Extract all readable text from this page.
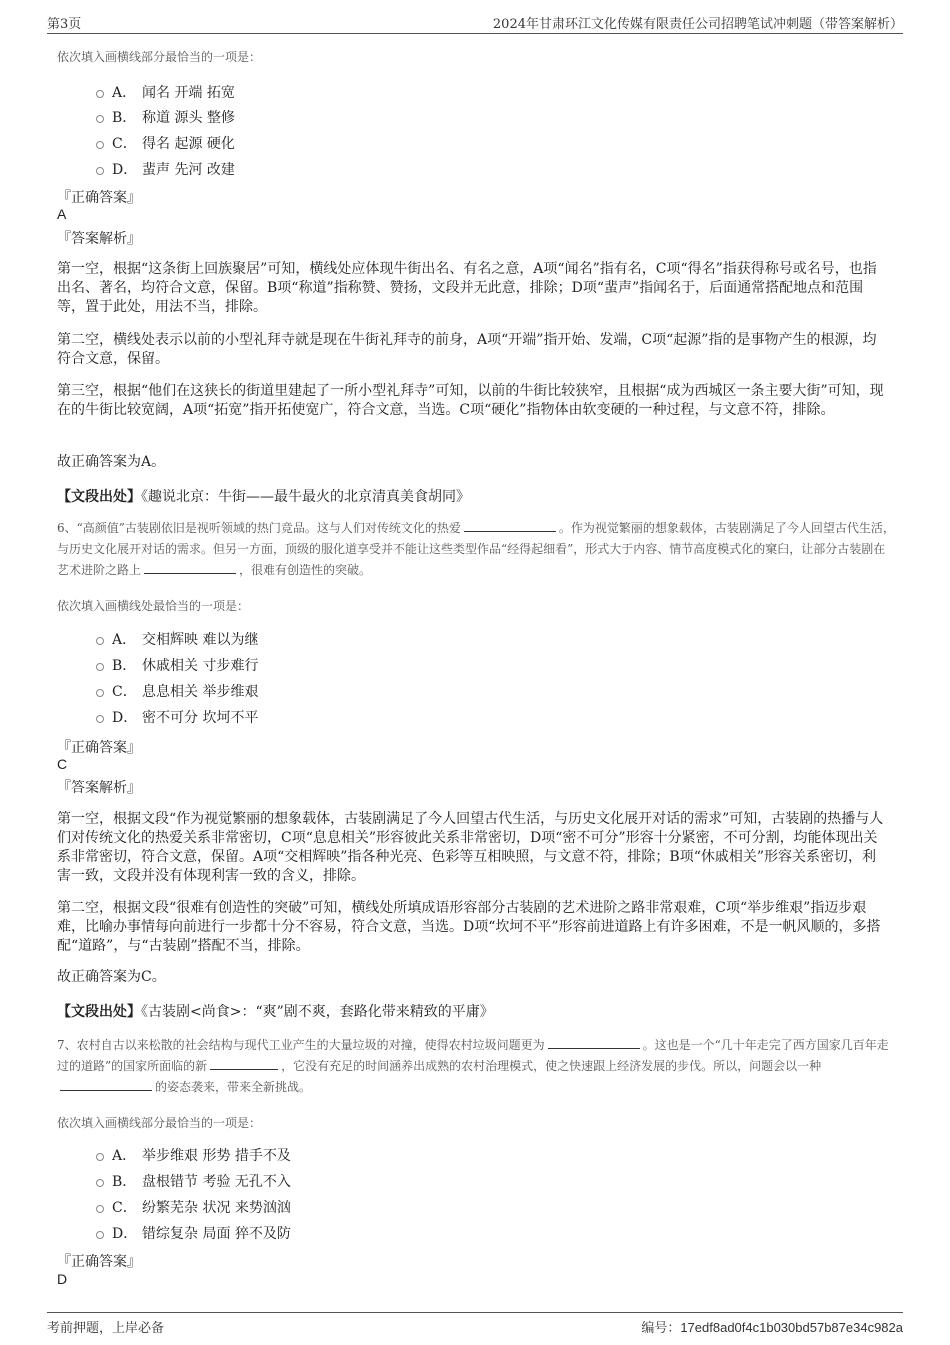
第3页	2024年甘肃环江文化传媒有限责任公司招聘笔试冲刺题（带答案解析）
依次填入画横线部分最恰当的一项是：
A． 闻名 开端 拓宽
B． 称道 源头 整修
C． 得名 起源 硬化
D． 蜚声 先河 改建
『正确答案』
A
『答案解析』

第一空，根据“这条街上回族聚居”可知，横线处应体现牛街出名、有名之意，A项“闻名”指有名，C项“得名”指获得称号或名号，也指出名、著名，均符合文意，保留。B项“称道”指称赞、赞扬，文段并无此意，排除；D项“蜚声”指闻名于，后面通常搭配地点和范围等，置于此处，用法不当，排除。

第二空，横线处表示以前的小型礼拜寺就是现在牛街礼拜寺的前身，A项“开端”指开始、发端，C项“起源”指的是事物产生的根源，均符合文意，保留。

第三空，根据“他们在这狭长的街道里建起了一所小型礼拜寺”可知，以前的牛街比较狭窄，且根据“成为西城区一条主要大街”可知，现在的牛街比较宽阔，A项“拓宽”指开拓使宽广，符合文意，当选。C项“硬化”指物体由软变硬的一种过程，与文意不符，排除。

故正确答案为A。

【文段出处】《趣说北京：牛街——最牛最火的北京清真美食胡同》

6、“高颜值”古装剧依旧是视听领域的热门竞品。这与人们对传统文化的热爱	。作为视觉繁丽的想象载体，古装剧满足了今人回望古代生活，与历史文化展开对话的需求。但另一方面，顶级的服化道享受并不能让这些类型作品“经得起细看”，形式大于内容、情节高度模式化的窠臼，让部分古装剧在艺术进阶之路上	，很难有创造性的突破。

依次填入画横线处最恰当的一项是：
A． 交相辉映 难以为继
B． 休戚相关 寸步难行
C． 息息相关 举步维艰
D． 密不可分 坎坷不平
『正确答案』
C
『答案解析』

第一空，根据文段“作为视觉繁丽的想象载体，古装剧满足了今人回望古代生活，与历史文化展开对话的需求”可知，古装剧的热播与人们对传统文化的热爱关系非常密切，C项“息息相关”形容彼此关系非常密切，D项“密不可分”形容十分紧密，不可分割，均能体现出关系非常密切，符合文意，保留。A项“交相辉映”指各种光亮、色彩等互相映照，与文意不符，排除；B项“休戚相关”形容关系密切，利害一致，文段并没有体现利害一致的含义，排除。

第二空，根据文段“很难有创造性的突破”可知，横线处所填成语形容部分古装剧的艺术进阶之路非常艰难，C项“举步维艰”指迈步艰难，比喻办事情每向前进行一步都十分不容易，符合文意，当选。D项“坎坷不平”形容前进道路上有许多困难，不是一帆风顺的，多搭配“道路”，与“古装剧”搭配不当，排除。

故正确答案为C。

【文段出处】《古装剧<尚食>：“爽”剧不爽，套路化带来精致的平庸》

7、农村自古以来松散的社会结构与现代工业产生的大量垃圾的对撞，使得农村垃圾问题更为	。这也是一个“几十年走完了西方国家几百年走过的道路”的国家所面临的新	，它没有充足的时间涵养出成熟的农村治理模式，使之快速跟上经济发展的步伐。所以，问题会以一种的姿态袭来，带来全新挑战。

依次填入画横线部分最恰当的一项是：
A． 举步维艰 形势 措手不及
B． 盘根错节 考验 无孔不入
C． 纷繁芜杂 状况 来势汹汹
D． 错综复杂 局面 猝不及防
『正确答案』
D
考前押题，上岸必备	编号：17edf8ad0f4c1b030bd57b87e34c982a
